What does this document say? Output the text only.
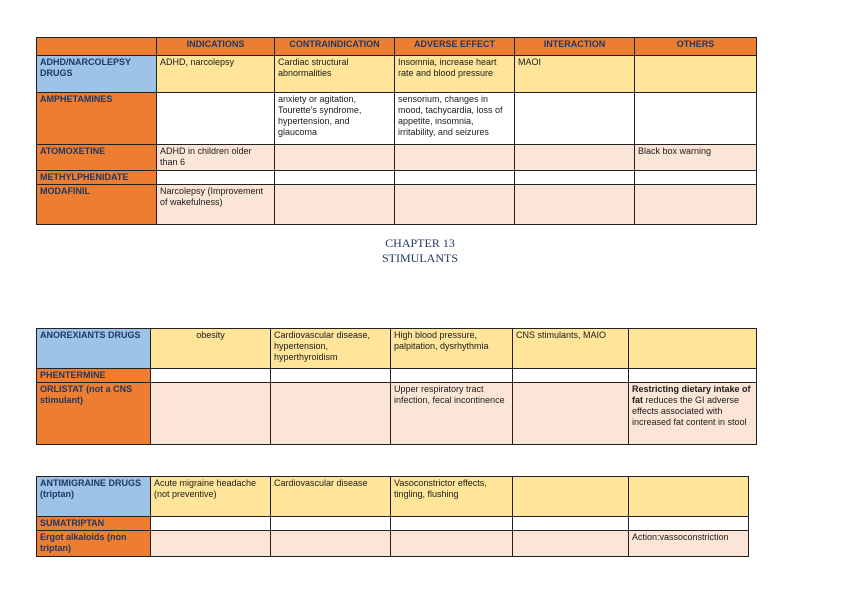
	INDICATIONS	CONTRAINDICATION	ADVERSE EFFECT	INTERACTION	OTHERS
ADHD/NARCOLEPSY DRUGS	ADHD, narcolepsy	Cardiac structural abnormalities	Insomnia, increase heart rate and blood pressure	MAOI	
AMPHETAMINES		anxiety or agitation, Tourette’s syndrome, hypertension, and glaucoma	sensorium, changes in mood, tachycardia, loss of appetite, insomnia, irritability, and seizures		
ATOMOXETINE	ADHD in children older than 6				Black box warning
METHYLPHENIDATE					
MODAFINIL	Narcolepsy (Improvement of wakefulness)				
CHAPTER 13
STIMULANTS
ANOREXIANTS DRUGS	obesity	Cardiovascular disease, hypertension, hyperthyroidism	High blood pressure, palpitation, dysrhythmia	CNS stimulants, MAIO	
PHENTERMINE					
ORLISTAT (not a CNS stimulant)			Upper respiratory tract infection, fecal incontinence		Restricting dietary intake of fat reduces the GI adverse effects associated with increased fat content in stool
ANTIMIGRAINE DRUGS (triptan)	Acute migraine headache (not preventive)	Cardiovascular disease	Vasoconstrictor effects, tingling, flushing		
SUMATRIPTAN					
Ergot alkaloids (non triptan)					Action:vassoconstriction
